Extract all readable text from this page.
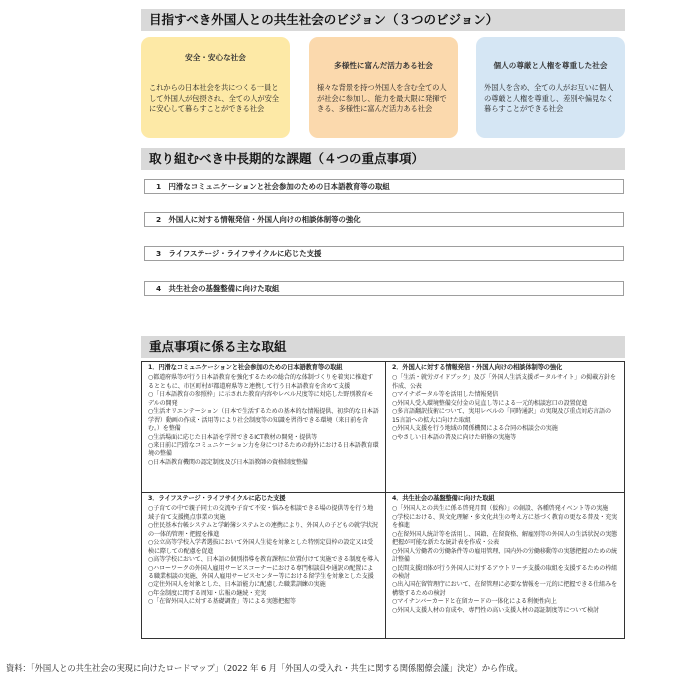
目指すべき外国人との共生社会のビジョン（３つのビジョン）
安全・安心な社会
これからの日本社会を共につくる一員として外国人が包摂され、全ての人が安全に安心して暮らすことができる社会
多様性に富んだ活力ある社会
様々な背景を持つ外国人を含む全ての人が社会に参加し、能力を最大限に発揮できる、多様性に富んだ活力ある社会
個人の尊厳と人権を尊重した社会
外国人を含め、全ての人がお互いに個人の尊厳と人権を尊重し、差別や偏見なく暮らすことができる社会
取り組むべき中長期的な課題（４つの重点事項）
1　円滑なコミュニケーションと社会参加のための日本語教育等の取組
2　外国人に対する情報発信・外国人向けの相談体制等の強化
3　ライフステージ・ライフサイクルに応じた支援
4　共生社会の基盤整備に向けた取組
重点事項に係る主な取組
1．円滑なコミュニケーションと社会参加のための日本語教育等の取組
○都道府県等が行う日本語教育を強化するための総合的な体制づくりを着実に推進するとともに、市区町村が都道府県等と連携して行う日本語教育を含めて支援
○「日本語教育の参照枠」に示された教育内容やレベル尺度等に対応した野別教育モデルの開発
○生活オリエンテーション（日本で生活するための基本的な情報提供、初歩的な日本語学習）動画の作成・活用等により社会制度等の知識を習得できる環境（来日前を含む。）を整備
○生活場面に応じた日本語を学習できるICT教材の開発・提供等
○来日前に円滑なコミュニケーション力を身につけるための海外における日本語教育環境の整備
○日本語教育機関の認定制度及び日本語教師の資格制度整備
2．外国人に対する情報発信・外国人向けの相談体制等の強化
○「生活・就労ガイドブック」及び「外国人生活支援ポータルサイト」の掲載方針を作成、公表
○マイナポータル等を活用した情報発信
○外国人受入環境整備交付金の見直し等による一元的相談窓口の設置促進
○多言語翻訳技術について、実用レベルの「同時通訳」の実現及び重点対応言語の15言語への拡大に向けた取組
○外国人支援を行う地域の関係機関による合同の相談会の実施
○やさしい日本語の普及に向けた研修の実施等
3．ライフステージ・ライフサイクルに応じた支援
○子育ての中で親子同士の交流や子育て不安・悩みを相談できる場の提供等を行う地域子育て支援拠点事業の実施
○住民基本台帳システムと学齢簿システムとの連携により、外国人の子どもの就学状況の一体的管理・把握を推進
○公立高等学校入学者選抜において外国人生徒を対象とした特別定員枠の設定又は受検に際しての配慮を促進
○高等学校において、日本語の個別指導を教育課程に位置付けて実施できる制度を導入
○ハローワークの外国人雇用サービスコーナーにおける専門相談員や通訳の配置による職業相談の実施、外国人雇用サービスセンター等における留学生を対象とした支援
○定住外国人を対象とした、日本語能力に配慮した職業訓練の実施
○年金制度に関する周知・広報の継続・充実
○「在留外国人に対する基礎調査」等による実態把握等
4．共生社会の基盤整備に向けた取組
○「外国人との共生に係る啓発月間（仮称）」の創設、各種啓発イベント等の実施
○学校における、異文化理解・多文化共生の考え方に基づく教育の更なる普及・充実を推進
○在留外国人統計等を活用し、国籍、在留資格、解雇別等の外国人の生活状況の実態把握が可能な新たな統計表を作成・公表
○外国人労働者の労働条件等の雇用管理、国内外の労働移動等の実態把握のための統計整備
○民間支援団体が行う外国人に対するアウトリーチ支援の取組を支援するための枠組の検討
○出入国在留管理庁において、在留管理に必要な情報を一元的に把握できる仕組みを構築するための検討
○マイナンバーカードと在留カードの一体化による利便性向上
○外国人支援人材の育成や、専門性の高い支援人材の認証制度等について検討
資料：「外国人との共生社会の実現に向けたロードマップ」（2022 年 6 月「外国人の受入れ・共生に関する関係閣僚会議」決定）から作成。
